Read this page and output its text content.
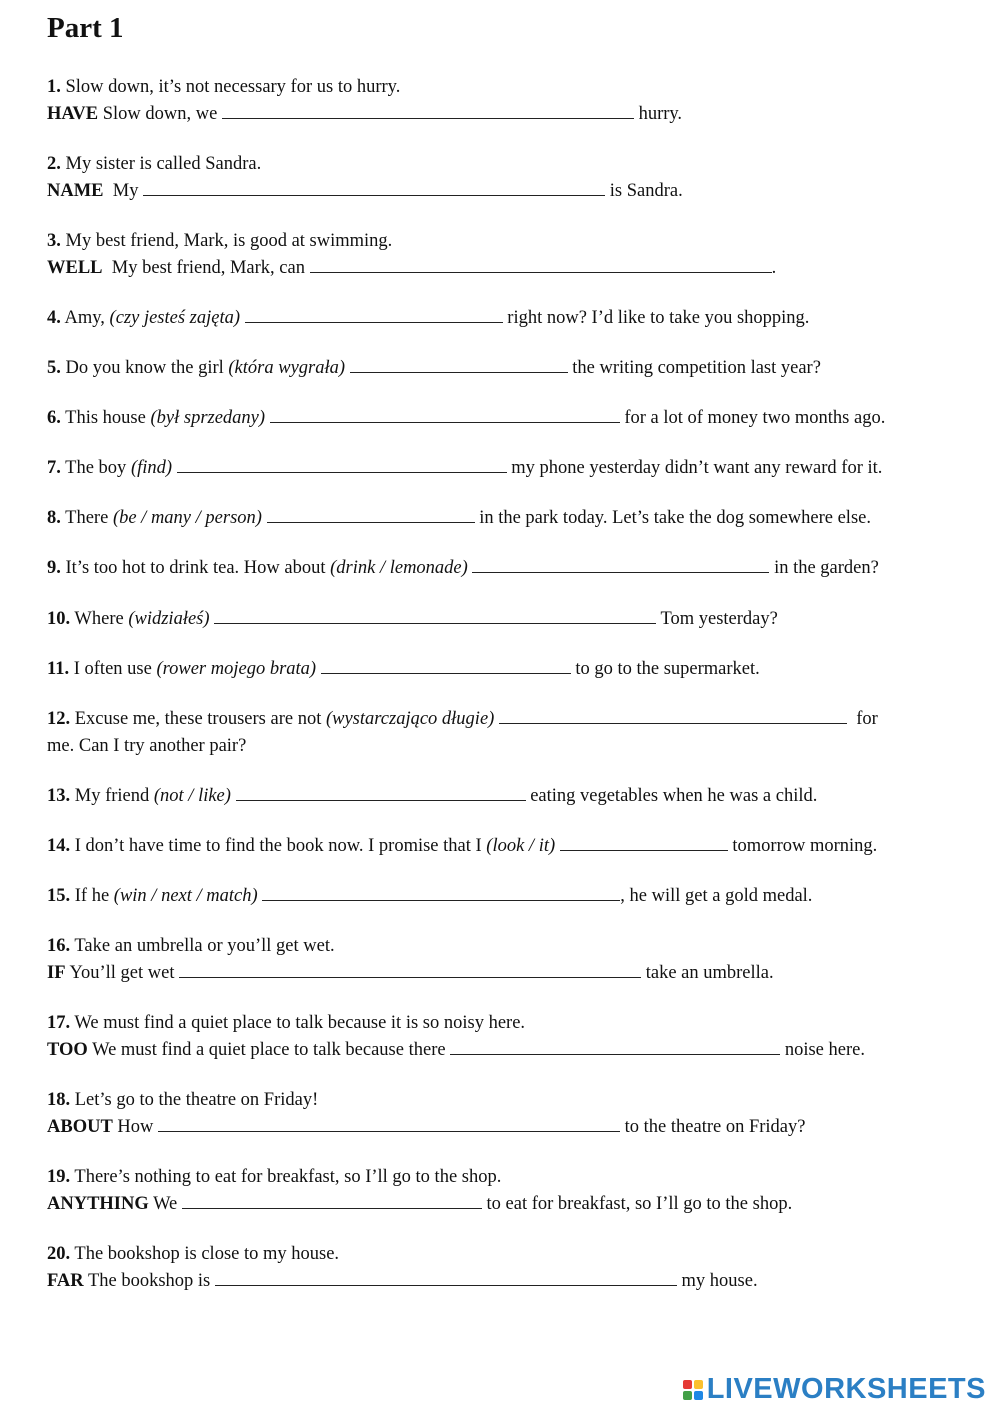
Part 1
1. Slow down, it’s not necessary for us to hurry.
HAVE Slow down, we	hurry.
2. My sister is called Sandra.
NAME My	is Sandra.
3. My best friend, Mark, is good at swimming.
WELL My best friend, Mark, can	.
4. Amy, (czy jesteś zajęta)	right now? I’d like to take you shopping.
5. Do you know the girl (która wygrała)	the writing competition last year?
6. This house (był sprzedany)	for a lot of money two months ago.
7. The boy (find)	my phone yesterday didn’t want any reward for it.
8. There (be / many / person)	in the park today. Let’s take the dog somewhere else.
9. It’s too hot to drink tea. How about (drink / lemonade)	in the garden?
10. Where (widziałeś)	Tom yesterday?
11. I often use (rower mojego brata)	to go to the supermarket.
12. Excuse me, these trousers are not (wystarczająco długie)	for
me. Can I try another pair?
13. My friend (not / like)	eating vegetables when he was a child.
14. I don’t have time to find the book now. I promise that I (look / it)	tomorrow morning.
15. If he (win / next / match)	, he will get a gold medal.
16. Take an umbrella or you’ll get wet.
IF You’ll get wet	take an umbrella.
17. We must find a quiet place to talk because it is so noisy here.
TOO We must find a quiet place to talk because there	noise here.
18. Let’s go to the theatre on Friday!
ABOUT How	to the theatre on Friday?
19. There’s nothing to eat for breakfast, so I’ll go to the shop.
ANYTHING We	to eat for breakfast, so I’ll go to the shop.
20. The bookshop is close to my house.
FAR The bookshop is	my house.
LIVEWORKSHEETS
